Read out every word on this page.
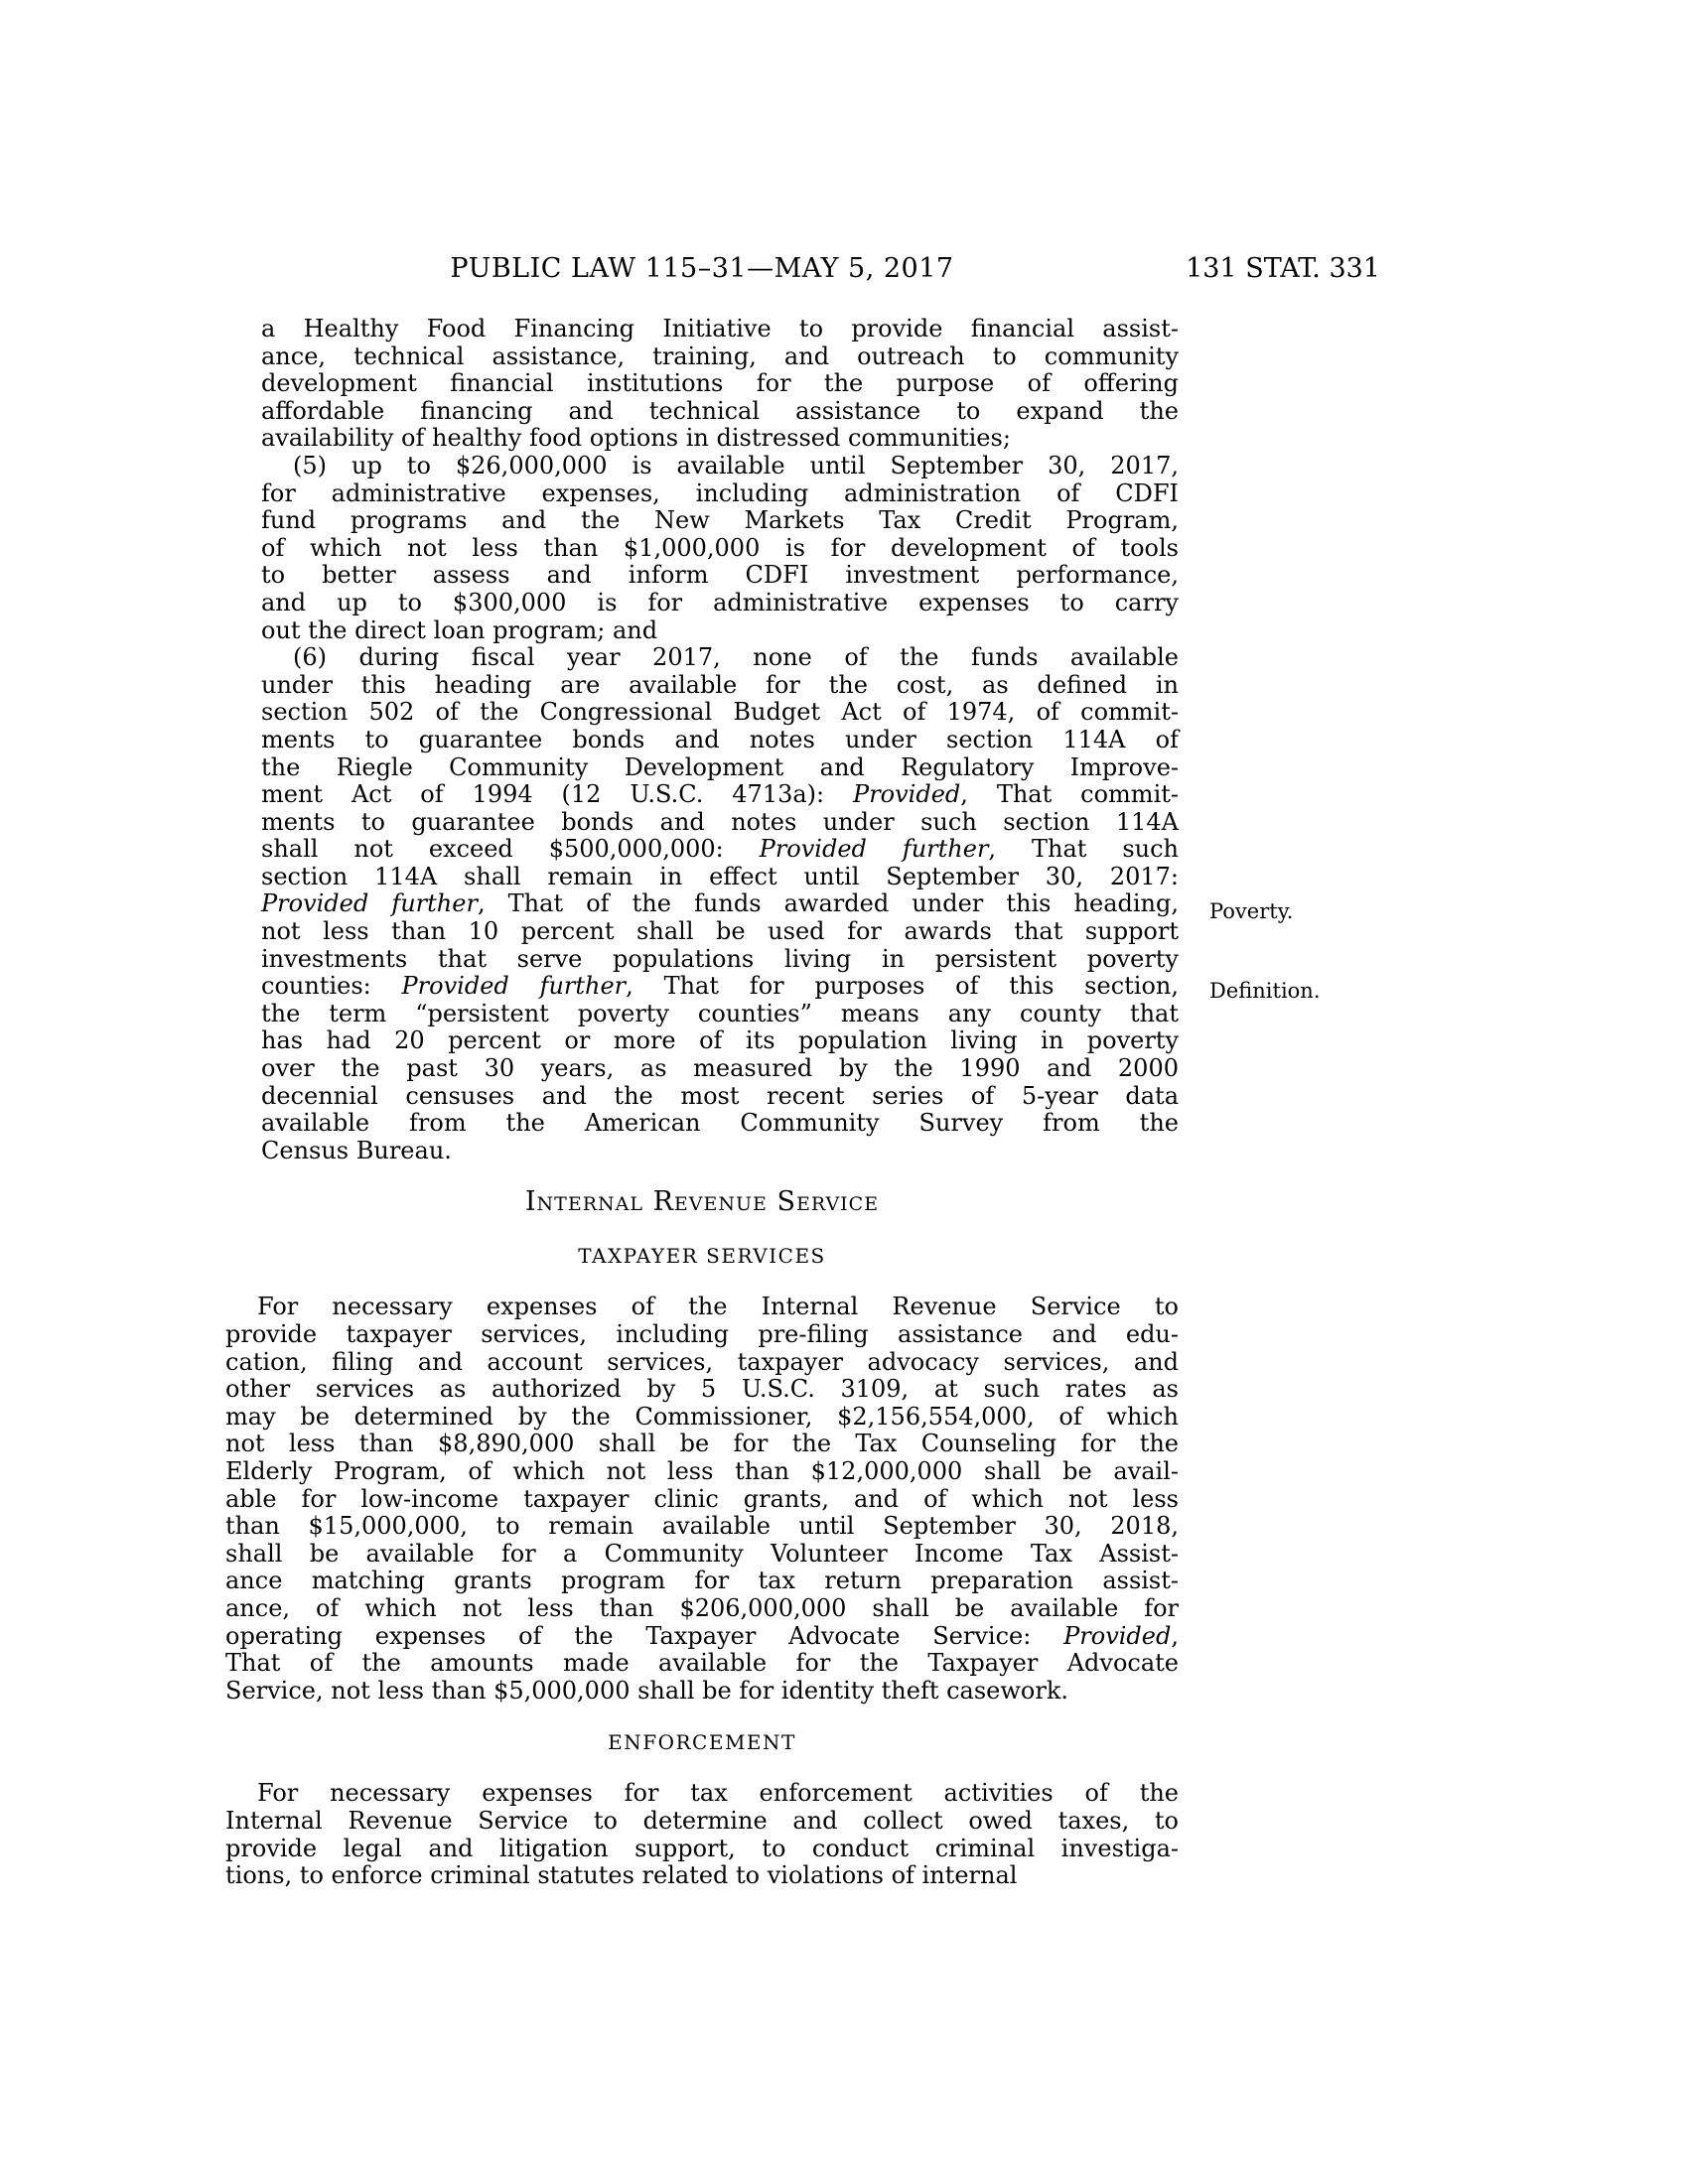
PUBLIC LAW 115–31—MAY 5, 2017	131 STAT. 331
a Healthy Food Financing Initiative to provide financial assist-
ance, technical assistance, training, and outreach to community
development financial institutions for the purpose of offering
affordable financing and technical assistance to expand the
availability of healthy food options in distressed communities;
(5) up to $26,000,000 is available until September 30, 2017,
for administrative expenses, including administration of CDFI
fund programs and the New Markets Tax Credit Program,
of which not less than $1,000,000 is for development of tools
to better assess and inform CDFI investment performance,
and up to $300,000 is for administrative expenses to carry
out the direct loan program; and
(6) during fiscal year 2017, none of the funds available
under this heading are available for the cost, as defined in
section 502 of the Congressional Budget Act of 1974, of commit-
ments to guarantee bonds and notes under section 114A of
the Riegle Community Development and Regulatory Improve-
ment Act of 1994 (12 U.S.C. 4713a): Provided, That commit-
ments to guarantee bonds and notes under such section 114A
shall not exceed $500,000,000: Provided further, That such
section 114A shall remain in effect until September 30, 2017:
Provided further, That of the funds awarded under this heading,
not less than 10 percent shall be used for awards that support
investments that serve populations living in persistent poverty
counties: Provided further, That for purposes of this section,
the term “persistent poverty counties” means any county that
has had 20 percent or more of its population living in poverty
over the past 30 years, as measured by the 1990 and 2000
decennial censuses and the most recent series of 5-year data
available from the American Community Survey from the
Census Bureau.
Internal Revenue Service
TAXPAYER SERVICES
For necessary expenses of the Internal Revenue Service to
provide taxpayer services, including pre-filing assistance and edu-
cation, filing and account services, taxpayer advocacy services, and
other services as authorized by 5 U.S.C. 3109, at such rates as
may be determined by the Commissioner, $2,156,554,000, of which
not less than $8,890,000 shall be for the Tax Counseling for the
Elderly Program, of which not less than $12,000,000 shall be avail-
able for low-income taxpayer clinic grants, and of which not less
than $15,000,000, to remain available until September 30, 2018,
shall be available for a Community Volunteer Income Tax Assist-
ance matching grants program for tax return preparation assist-
ance, of which not less than $206,000,000 shall be available for
operating expenses of the Taxpayer Advocate Service: Provided,
That of the amounts made available for the Taxpayer Advocate
Service, not less than $5,000,000 shall be for identity theft casework.
ENFORCEMENT
For necessary expenses for tax enforcement activities of the
Internal Revenue Service to determine and collect owed taxes, to
provide legal and litigation support, to conduct criminal investiga-
tions, to enforce criminal statutes related to violations of internal
Poverty.
Definition.
